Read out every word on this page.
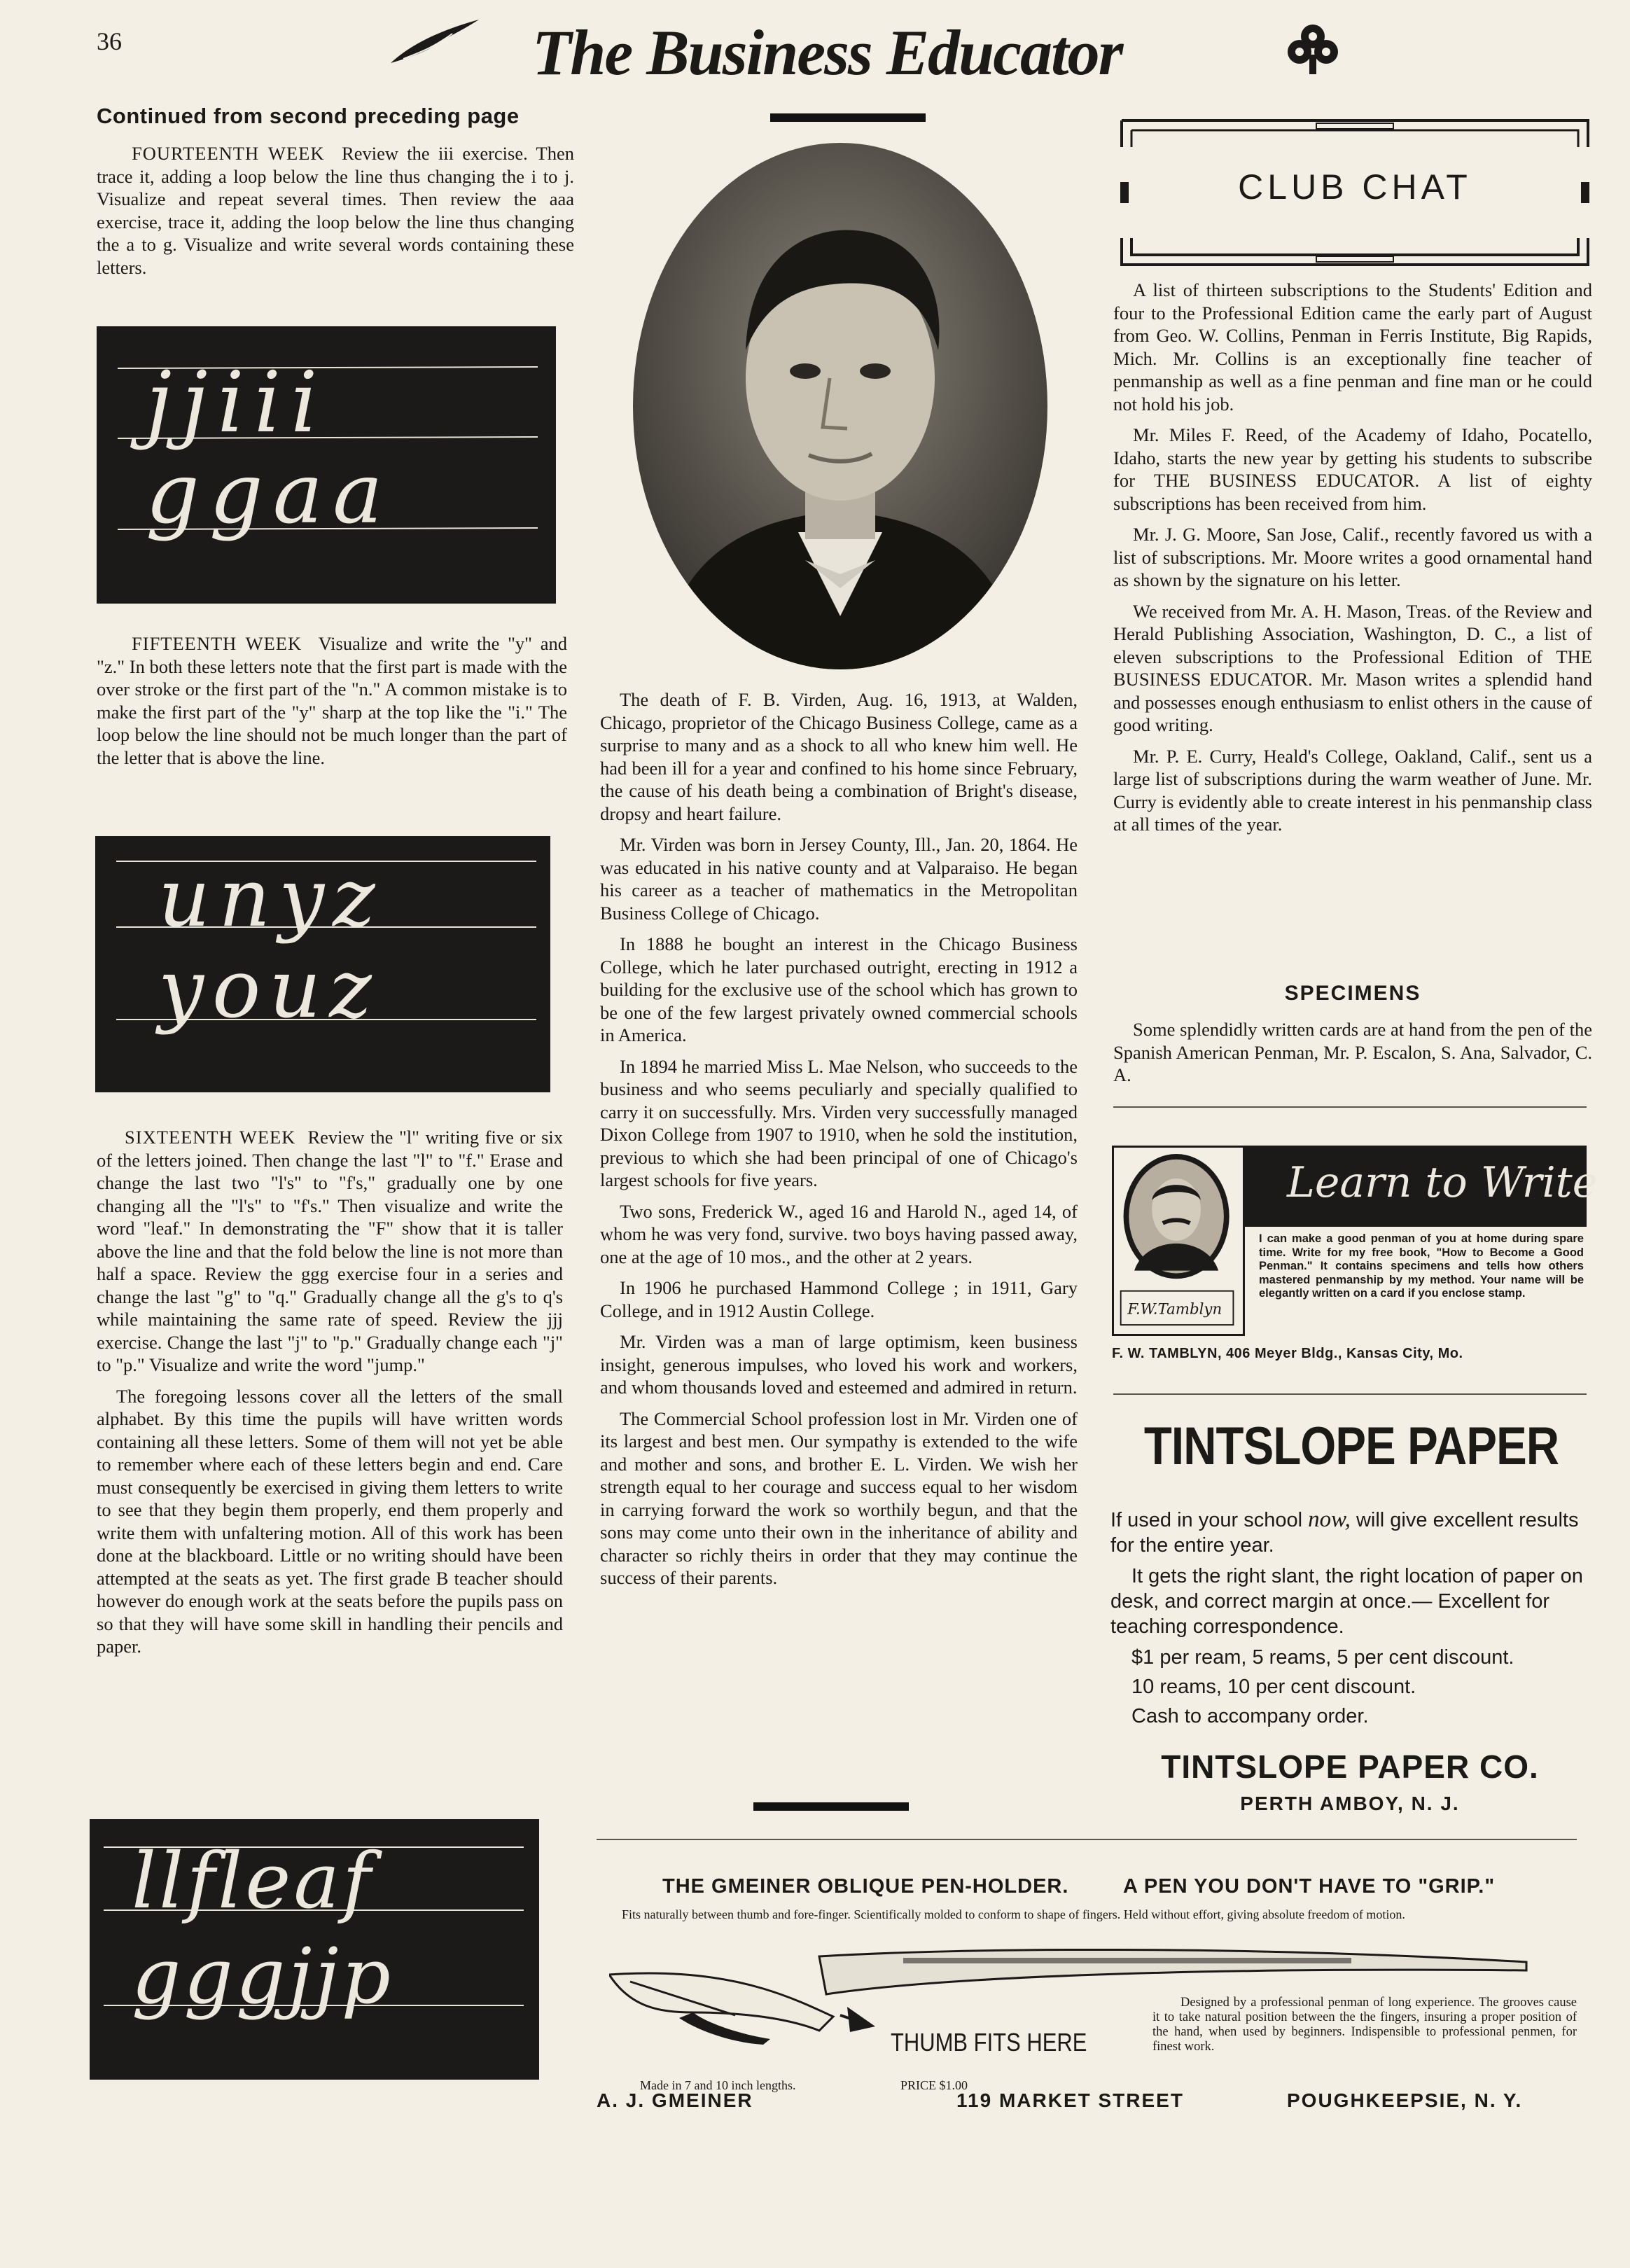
36	The Business Educator
Continued from second preceding page

FOURTEENTH WEEK Review the iii exercise. Then trace it, adding a loop below the line thus changing the i to j. Visualize and repeat several times. Then review the aaa exercise, trace it, adding the loop below the line thus changing the a to g. Visualize and write several words containing these letters.

jjiii
ggaa

FIFTEENTH WEEK Visualize and write the "y" and "z." In both these letters note that the first part is made with the over stroke or the first part of the "n." A common mistake is to make the first part of the "y" sharp at the top like the "i." The loop below the line should not be much longer than the part of the letter that is above the line.

unyz
youz

SIXTEENTH WEEK Review the "l" writing five or six of the letters joined. Then change the last "l" to "f." Erase and change the last two "l's" to "f's," gradually one by one changing all the "l's" to "f's." Then visualize and write the word "leaf." In demonstrating the "F" show that it is taller above the line and that the fold below the line is not more than half a space. Review the ggg exercise four in a series and change the last "g" to "q." Gradually change all the g's to q's while maintaining the same rate of speed. Review the jjj exercise. Change the last "j" to "p." Gradually change each "j" to "p." Visualize and write the word "jump."

The foregoing lessons cover all the letters of the small alphabet. By this time the pupils will have written words containing all these letters. Some of them will not yet be able to remember where each of these letters begin and end. Care must consequently be exercised in giving them letters to write to see that they begin them properly, end them properly and write them with unfaltering motion. All of this work has been done at the blackboard. Little or no writing should have been attempted at the seats as yet. The first grade B teacher should however do enough work at the seats before the pupils pass on so that they will have some skill in handling their pencils and paper.

llfleaf
gggjjp

The death of F. B. Virden, Aug. 16, 1913, at Walden, Chicago, proprietor of the Chicago Business College, came as a surprise to many and as a shock to all who knew him well. He had been ill for a year and confined to his home since February, the cause of his death being a combination of Bright's disease, dropsy and heart failure.

Mr. Virden was born in Jersey County, Ill., Jan. 20, 1864. He was educated in his native county and at Valparaiso. He began his career as a teacher of mathematics in the Metropolitan Business College of Chicago.

In 1888 he bought an interest in the Chicago Business College, which he later purchased outright, erecting in 1912 a building for the exclusive use of the school which has grown to be one of the few largest privately owned commercial schools in America.

In 1894 he married Miss L. Mae Nelson, who succeeds to the business and who seems peculiarly and specially qualified to carry it on successfully. Mrs. Virden very successfully managed Dixon College from 1907 to 1910, when he sold the institution, previous to which she had been principal of one of Chicago's largest schools for five years.

Two sons, Frederick W., aged 16 and Harold N., aged 14, of whom he was very fond, survive. two boys having passed away, one at the age of 10 mos., and the other at 2 years.

In 1906 he purchased Hammond College ; in 1911, Gary College, and in 1912 Austin College.

Mr. Virden was a man of large optimism, keen business insight, generous impulses, who loved his work and workers, and whom thousands loved and esteemed and admired in return.

The Commercial School profession lost in Mr. Virden one of its largest and best men. Our sympathy is extended to the wife and mother and sons, and brother E. L. Virden. We wish her strength equal to her courage and success equal to her wisdom in carrying forward the work so worthily begun, and that the sons may come unto their own in the inheritance of ability and character so richly theirs in order that they may continue the success of their parents.

CLUB CHAT

A list of thirteen subscriptions to the Students' Edition and four to the Professional Edition came the early part of August from Geo. W. Collins, Penman in Ferris Institute, Big Rapids, Mich. Mr. Collins is an exceptionally fine teacher of penmanship as well as a fine penman and fine man or he could not hold his job.

Mr. Miles F. Reed, of the Academy of Idaho, Pocatello, Idaho, starts the new year by getting his students to subscribe for THE BUSINESS EDUCATOR. A list of eighty subscriptions has been received from him.

Mr. J. G. Moore, San Jose, Calif., recently favored us with a list of subscriptions. Mr. Moore writes a good ornamental hand as shown by the signature on his letter.

We received from Mr. A. H. Mason, Treas. of the Review and Herald Publishing Association, Washington, D. C., a list of eleven subscriptions to the Professional Edition of THE BUSINESS EDUCATOR. Mr. Mason writes a splendid hand and possesses enough enthusiasm to enlist others in the cause of good writing.

Mr. P. E. Curry, Heald's College, Oakland, Calif., sent us a large list of subscriptions during the warm weather of June. Mr. Curry is evidently able to create interest in his penmanship class at all times of the year.

SPECIMENS

Some splendidly written cards are at hand from the pen of the Spanish American Penman, Mr. P. Escalon, S. Ana, Salvador, C. A.

F.W.Tamblyn
Learn to Write
I can make a good penman of you at home during spare time. Write for my free book, "How to Become a Good Penman." It contains specimens and tells how others mastered penmanship by my method. Your name will be elegantly written on a card if you enclose stamp.
F. W. TAMBLYN, 406 Meyer Bldg., Kansas City, Mo.
TINTSLOPE PAPER

If used in your school now, will give excellent results for the entire year.

It gets the right slant, the right location of paper on desk, and correct margin at once.— Excellent for teaching correspondence.

$1 per ream, 5 reams, 5 per cent discount.

10 reams, 10 per cent discount.

Cash to accompany order.

TINTSLOPE PAPER CO.
PERTH AMBOY, N. J.
THE GMEINER OBLIQUE PEN-HOLDER.	A PEN YOU DON'T HAVE TO "GRIP."
Fits naturally between thumb and fore-finger. Scientifically molded to conform to shape of fingers. Held without effort, giving absolute freedom of motion.
THUMB FITS HERE
Designed by a professional penman of long experience. The grooves cause it to take natural position between the the fingers, insuring a proper position of the hand, when used by beginners. Indispensible to professional penmen, for finest work.
Made in 7 and 10 inch lengths.	PRICE $1.00
A. J. GMEINER	119 MARKET STREET	POUGHKEEPSIE, N. Y.
